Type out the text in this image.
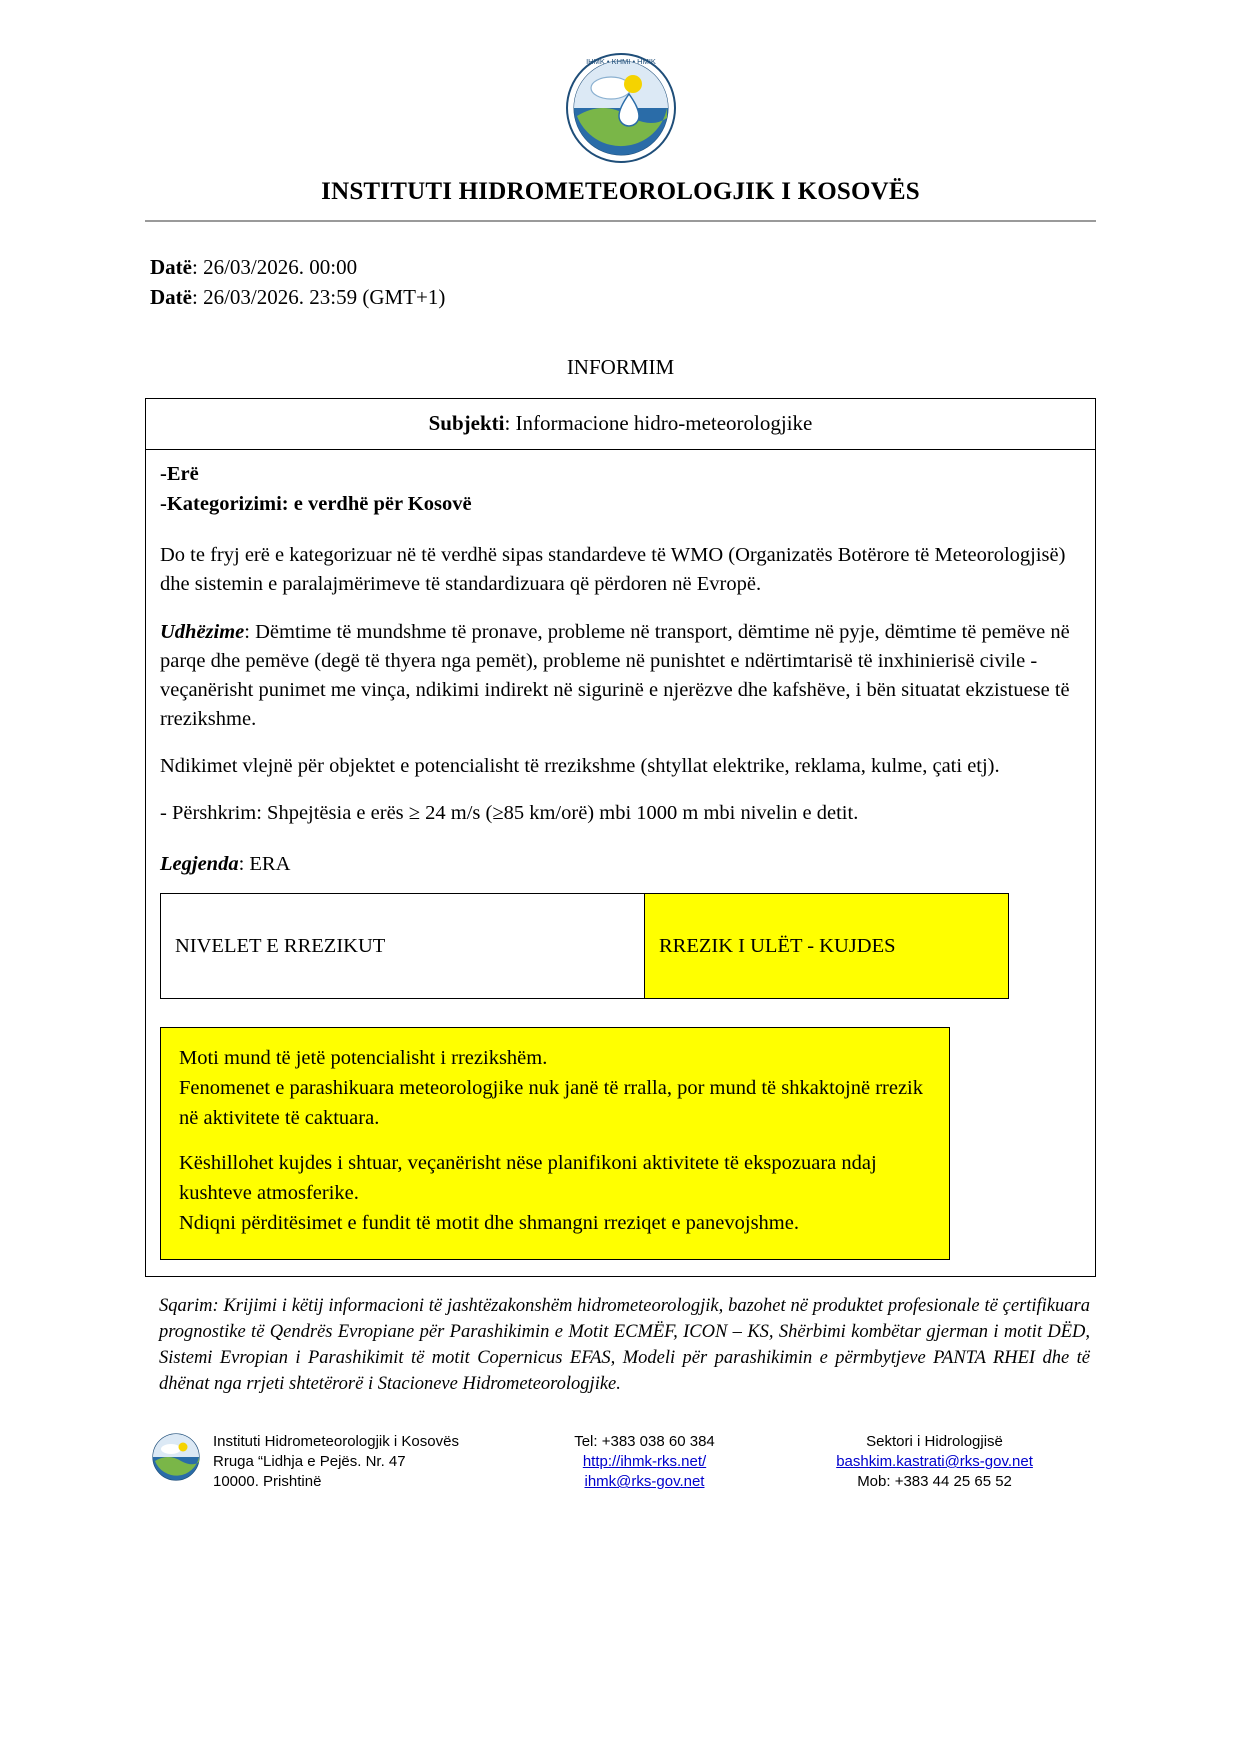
IHMK • KHMI • HMIK
INSTITUTI HIDROMETEOROLOGJIK I KOSOVËS
Datë: 26/03/2026. 00:00
Datë: 26/03/2026. 23:59 (GMT+1)
INFORMIM
Subjekti: Informacione hidro-meteorologjike
-Erë
-Kategorizimi: e verdhë për Kosovë
Do te fryj erë e kategorizuar në të verdhë sipas standardeve të WMO (Organizatës Botërore të Meteorologjisë) dhe sistemin e paralajmërimeve të standardizuara që përdoren në Evropë.
Udhëzime: Dëmtime të mundshme të pronave, probleme në transport, dëmtime në pyje, dëmtime të pemëve në parqe dhe pemëve (degë të thyera nga pemët), probleme në punishtet e ndërtimtarisë të inxhinierisë civile - veçanërisht punimet me vinça, ndikimi indirekt në sigurinë e njerëzve dhe kafshëve, i bën situatat ekzistuese të rrezikshme.
Ndikimet vlejnë për objektet e potencialisht të rrezikshme (shtyllat elektrike, reklama, kulme, çati etj).
- Përshkrim: Shpejtësia e erës ≥ 24 m/s (≥85 km/orë) mbi 1000 m mbi nivelin e detit.
Legjenda: ERA
NIVELET E RREZIKUT	RREZIK I ULËT - KUJDES
Moti mund të jetë potencialisht i rrezikshëm.
Fenomenet e parashikuara meteorologjike nuk janë të rralla, por mund të shkaktojnë rrezik në aktivitete të caktuara.
Këshillohet kujdes i shtuar, veçanërisht nëse planifikoni aktivitete të ekspozuara ndaj kushteve atmosferike.
Ndiqni përditësimet e fundit të motit dhe shmangni rreziqet e panevojshme.
Sqarim: Krijimi i këtij informacioni të jashtëzakonshëm hidrometeorologjik, bazohet në produktet profesionale të çertifikuara prognostike të Qendrës Evropiane për Parashikimin e Motit ECMËF, ICON – KS, Shërbimi kombëtar gjerman i motit DËD, Sistemi Evropian i Parashikimit të motit Copernicus EFAS, Modeli për parashikimin e përmbytjeve PANTA RHEI dhe të dhënat nga rrjeti shtetërorë i Stacioneve Hidrometeorologjike.
Instituti Hidrometeorologjik i Kosovës
Rruga “Lidhja e Pejës. Nr. 47
10000. Prishtinë
Tel: +383 038 60 384
http://ihmk-rks.net/
ihmk@rks-gov.net
Sektori i Hidrologjisë
bashkim.kastrati@rks-gov.net
Mob: +383 44 25 65 52
